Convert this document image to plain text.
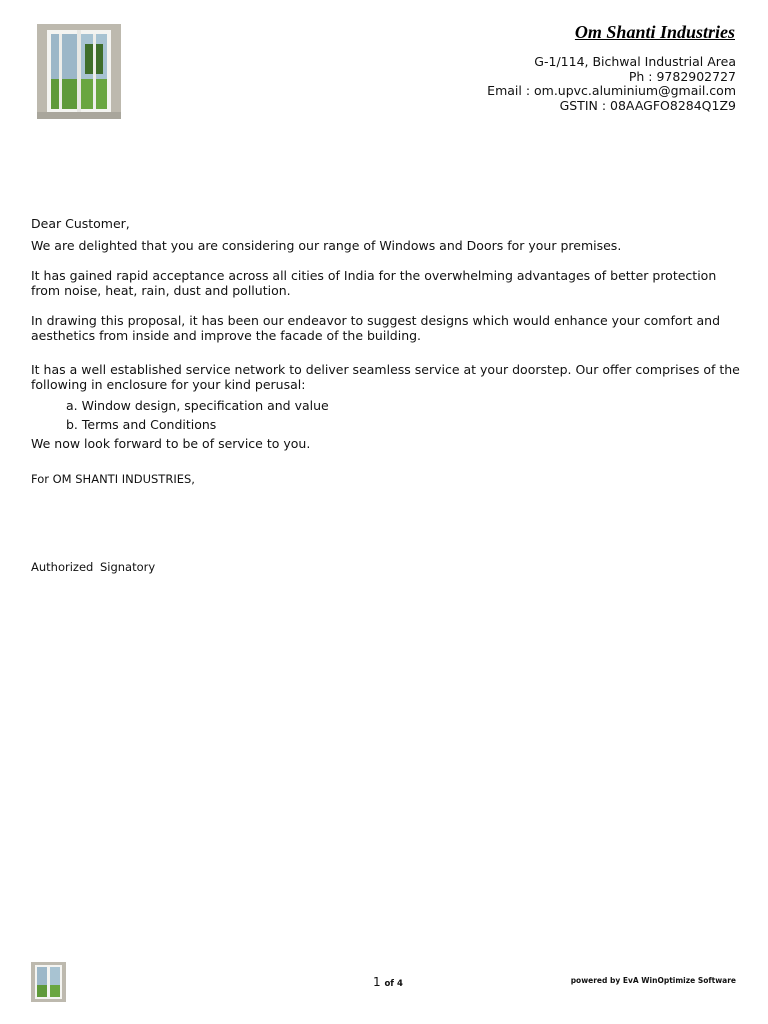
Om Shanti Industries
G-1/114, Bichwal Industrial Area
Ph : 9782902727
Email : om.upvc.aluminium@gmail.com
GSTIN : 08AAGFO8284Q1Z9

Dear Customer,

We are delighted that you are considering our range of Windows and Doors for your premises.

It has gained rapid acceptance across all cities of India for the overwhelming advantages of better protection from noise, heat, rain, dust and pollution.

In drawing this proposal, it has been our endeavor to suggest designs which would enhance your comfort and aesthetics from inside and improve the facade of the building.

It has a well established service network to deliver seamless service at your doorstep. Our offer comprises of the following in enclosure for your kind perusal:

a. Window design, specification and value
b. Terms and Conditions

We now look forward to be of service to you.

For OM SHANTI INDUSTRIES,
Authorized Signatory
1 of 4	powered by EvA WinOptimize Software
